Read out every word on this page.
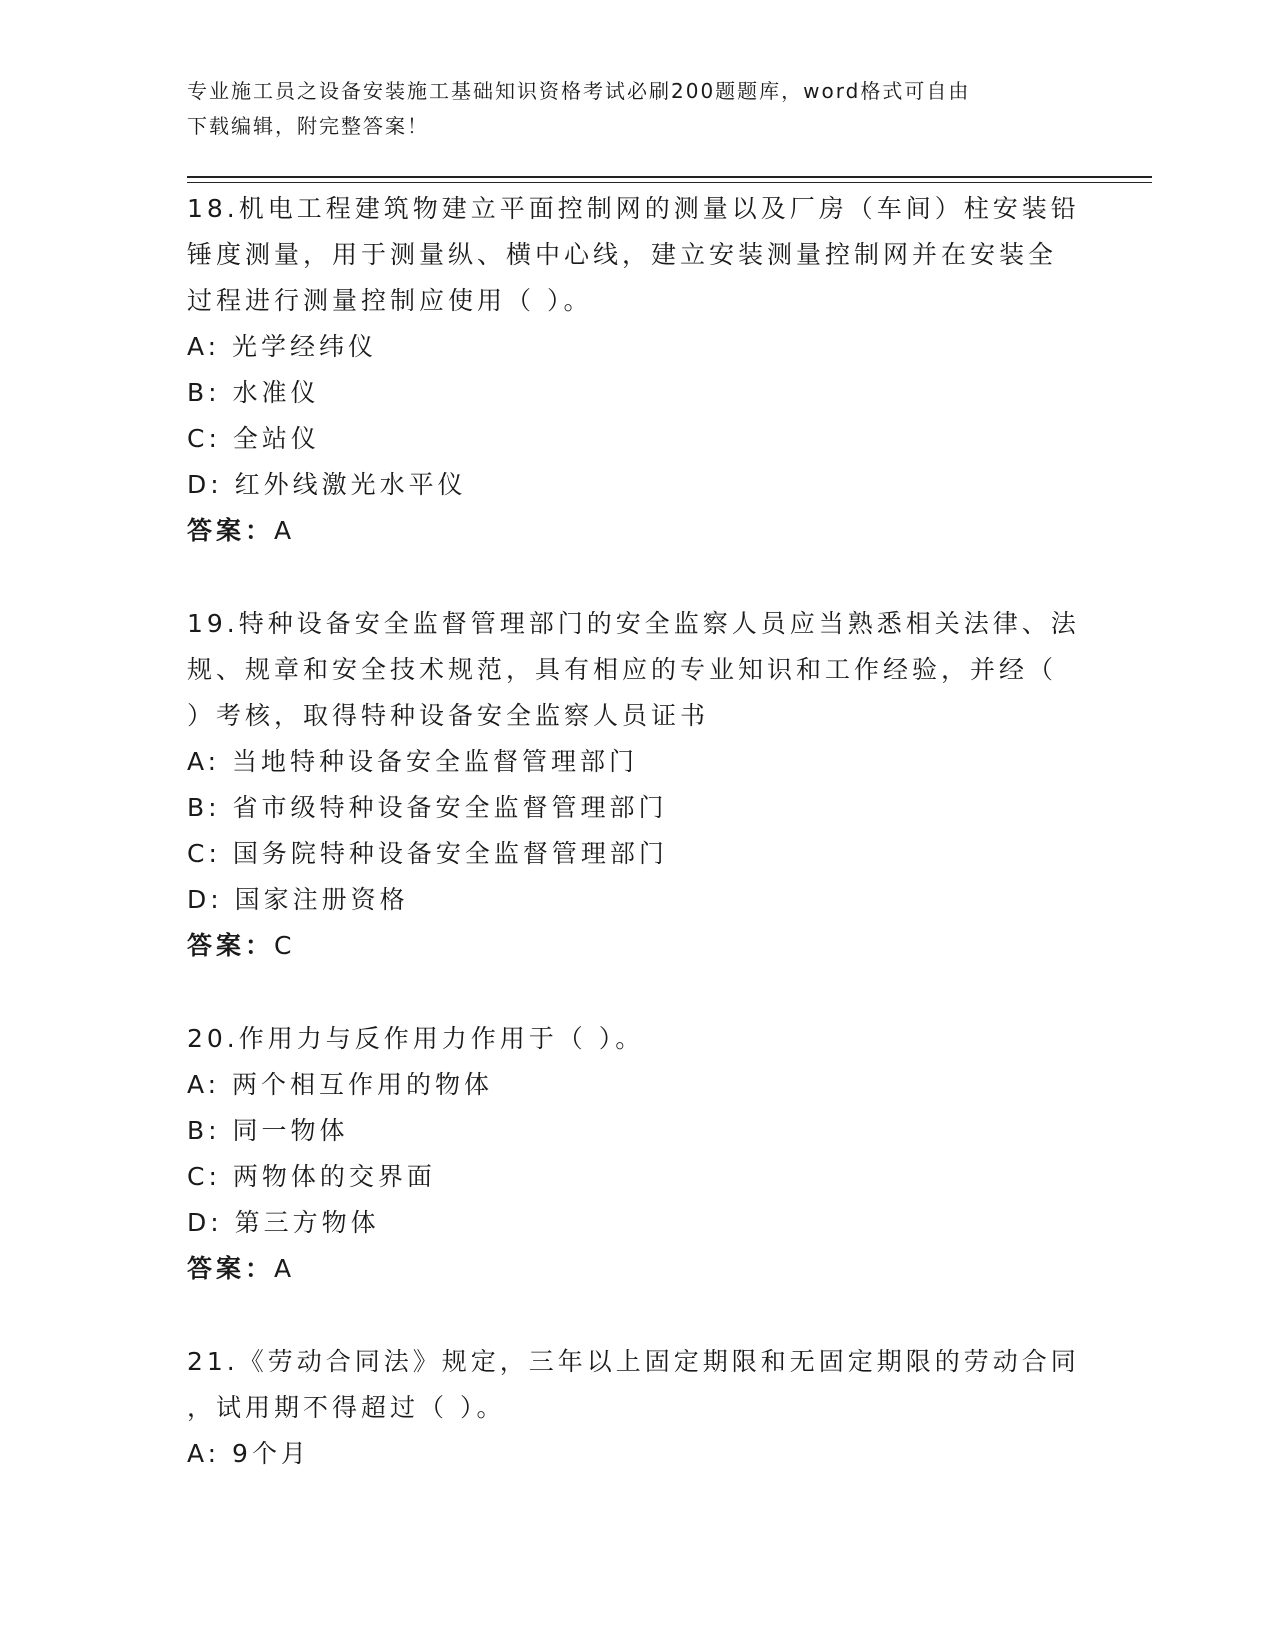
专业施工员之设备安装施工基础知识资格考试必刷200题题库，word格式可自由
下载编辑，附完整答案！

18.机电工程建筑物建立平面控制网的测量以及厂房（车间）柱安装铅

锤度测量，用于测量纵、横中心线，建立安装测量控制网并在安装全

过程进行测量控制应使用（ ）。

A: 光学经纬仪

B: 水准仪

C: 全站仪

D: 红外线激光水平仪

答案：A

19.特种设备安全监督管理部门的安全监察人员应当熟悉相关法律、法

规、规章和安全技术规范，具有相应的专业知识和工作经验，并经（

）考核，取得特种设备安全监察人员证书

A: 当地特种设备安全监督管理部门

B: 省市级特种设备安全监督管理部门

C: 国务院特种设备安全监督管理部门

D: 国家注册资格

答案：C

20.作用力与反作用力作用于（ ）。

A: 两个相互作用的物体

B: 同一物体

C: 两物体的交界面

D: 第三方物体

答案：A

21.《劳动合同法》规定，三年以上固定期限和无固定期限的劳动合同

，试用期不得超过（ ）。

A: 9个月
